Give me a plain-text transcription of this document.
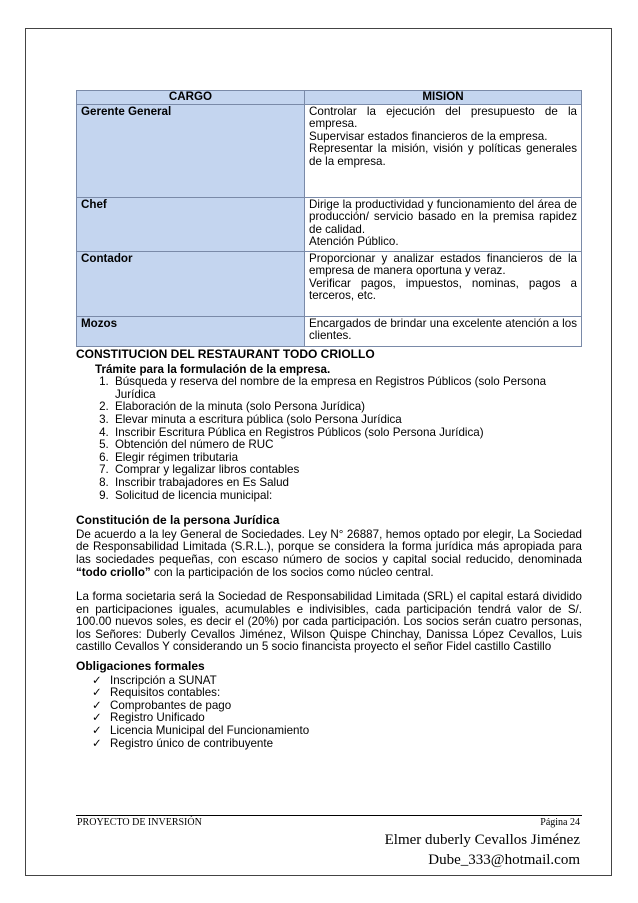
CARGO	MISION
Gerente General	Controlar la ejecución del presupuesto de la empresa.
Supervisar estados financieros de la empresa.
Representar la misión, visión y políticas generales de la empresa.

Chef	Dirige la productividad y funcionamiento del área de producción/ servicio basado en la premisa rapidez de calidad.
Atención Público.

Contador	Proporcionar y analizar estados financieros de la empresa de manera oportuna y veraz.
Verificar pagos, impuestos, nominas, pagos a terceros, etc.

Mozos	Encargados de brindar una excelente atención a los clientes.
CONSTITUCION DEL RESTAURANT TODO CRIOLLO
Trámite para la formulación de la empresa.
1. Búsqueda y reserva del nombre de la empresa en Registros Públicos (solo Persona Jurídica
2. Elaboración de la minuta (solo Persona Jurídica)
3. Elevar minuta a escritura pública (solo Persona Jurídica
4. Inscribir Escritura Pública en Registros Públicos (solo Persona Jurídica)
5. Obtención del número de RUC
6. Elegir régimen tributaria
7. Comprar y legalizar libros contables
8. Inscribir trabajadores en Es Salud
9. Solicitud de licencia municipal:
Constitución de la persona Jurídica
De acuerdo a la ley General de Sociedades. Ley N° 26887, hemos optado por elegir, La Sociedad de Responsabilidad Limitada (S.R.L.), porque se considera la forma jurídica más apropiada para las sociedades pequeñas, con escaso número de socios y capital social reducido, denominada “todo criollo” con la participación de los socios como núcleo central.
La forma societaria será la Sociedad de Responsabilidad Limitada (SRL) el capital estará dividido en participaciones iguales, acumulables e indivisibles, cada participación tendrá valor de S/. 100.00 nuevos soles, es decir el (20%) por cada participación. Los socios serán cuatro personas, los Señores: Duberly Cevallos Jiménez, Wilson Quispe Chinchay, Danissa López Cevallos, Luis castillo Cevallos Y considerando un 5 socio financista proyecto el señor Fidel castillo Castillo
Obligaciones formales
✓ Inscripción a SUNAT
✓ Requisitos contables:
✓ Comprobantes de pago
✓ Registro Unificado
✓ Licencia Municipal del Funcionamiento
✓ Registro único de contribuyente
PROYECTO DE INVERSIÓN	Página 24
Elmer duberly Cevallos Jiménez
Dube_333@hotmail.com
